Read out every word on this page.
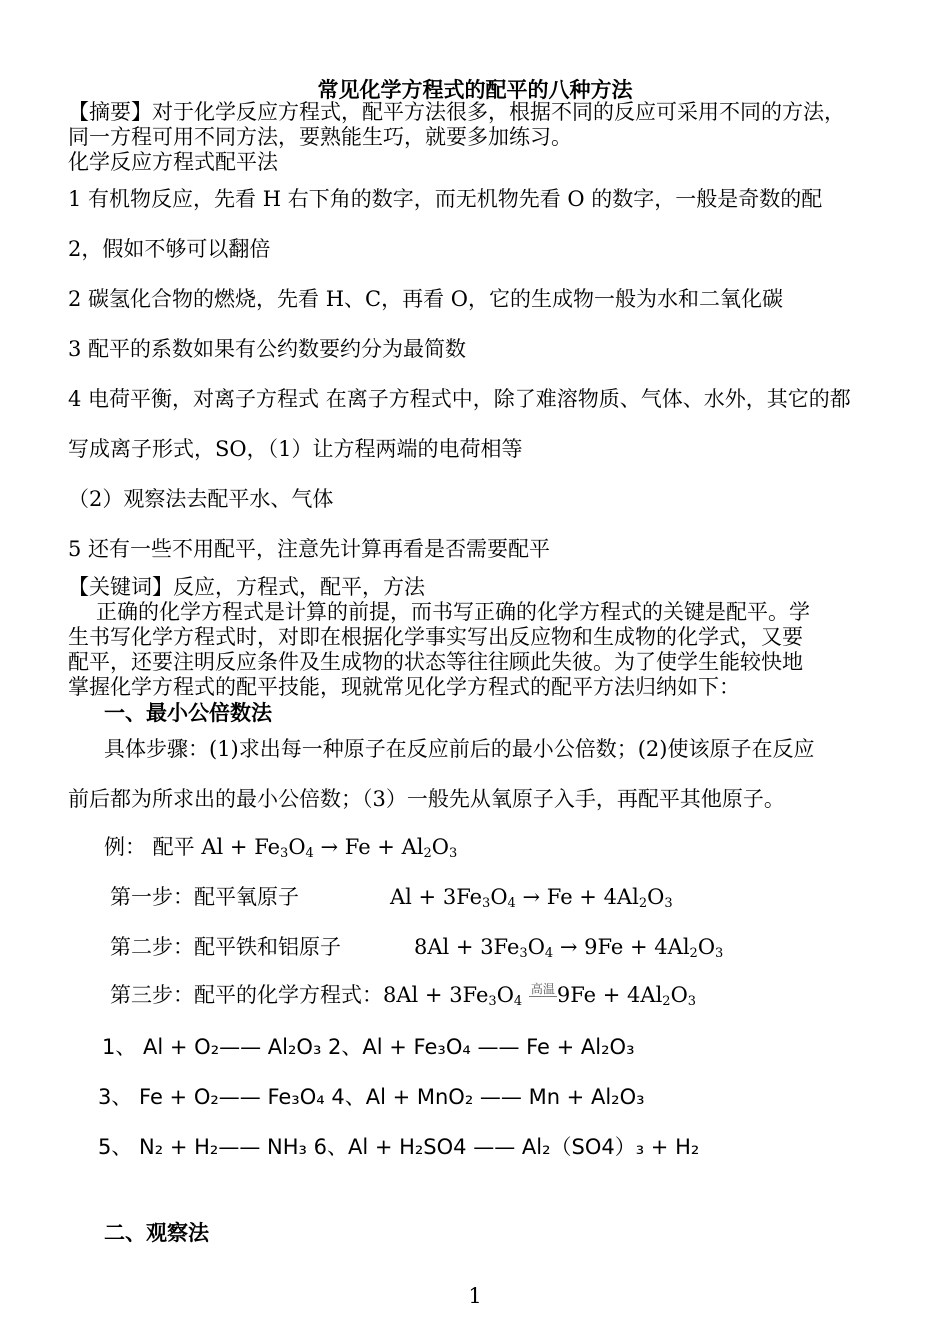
常见化学方程式的配平的八种方法
【摘要】对于化学反应方程式，配平方法很多，根据不同的反应可采用不同的方法，
同一方程可用不同方法，要熟能生巧，就要多加练习。
化学反应方程式配平法
1 有机物反应，先看 H 右下角的数字，而无机物先看 O 的数字，一般是奇数的配
2，假如不够可以翻倍
2 碳氢化合物的燃烧，先看 H、C，再看 O，它的生成物一般为水和二氧化碳
3 配平的系数如果有公约数要约分为最简数
4 电荷平衡，对离子方程式 在离子方程式中，除了难溶物质、气体、水外，其它的都
写成离子形式，SO，（1）让方程两端的电荷相等
（2）观察法去配平水、气体
5 还有一些不用配平，注意先计算再看是否需要配平
【关键词】反应，方程式，配平，方法
正确的化学方程式是计算的前提，而书写正确的化学方程式的关键是配平。学
生书写化学方程式时，对即在根据化学事实写出反应物和生成物的化学式，又要
配平，还要注明反应条件及生成物的状态等往往顾此失彼。为了使学生能较快地
掌握化学方程式的配平技能，现就常见化学方程式的配平方法归纳如下：
一、最小公倍数法
具体步骤：(1)求出每一种原子在反应前后的最小公倍数；(2)使该原子在反应
前后都为所求出的最小公倍数；（3）一般先从氧原子入手，再配平其他原子。
例： 配平 $Al + Fe_3O_4 \to Fe + Al_2O_3$
第一步：配平氧原子	$Al + 3Fe_3O_4 \to Fe + 4Al_2O_3$
第二步：配平铁和铝原子	$8Al + 3Fe_3O_4 \to 9Fe + 4Al_2O_3$
第三步：配平的化学方程式：$8Al + 3Fe_3O_4$ $^{高温}9Fe + 4Al_2O_3$
1、 Al + O₂—— Al₂O₃ 2、Al + Fe₃O₄ —— Fe + Al₂O₃
3、 Fe + O₂—— Fe₃O₄ 4、Al + MnO₂ —— Mn + Al₂O₃
5、 N₂ + H₂—— NH₃ 6、Al + H₂SO4 —— Al₂（SO4）₃ + H₂
二、观察法
1
